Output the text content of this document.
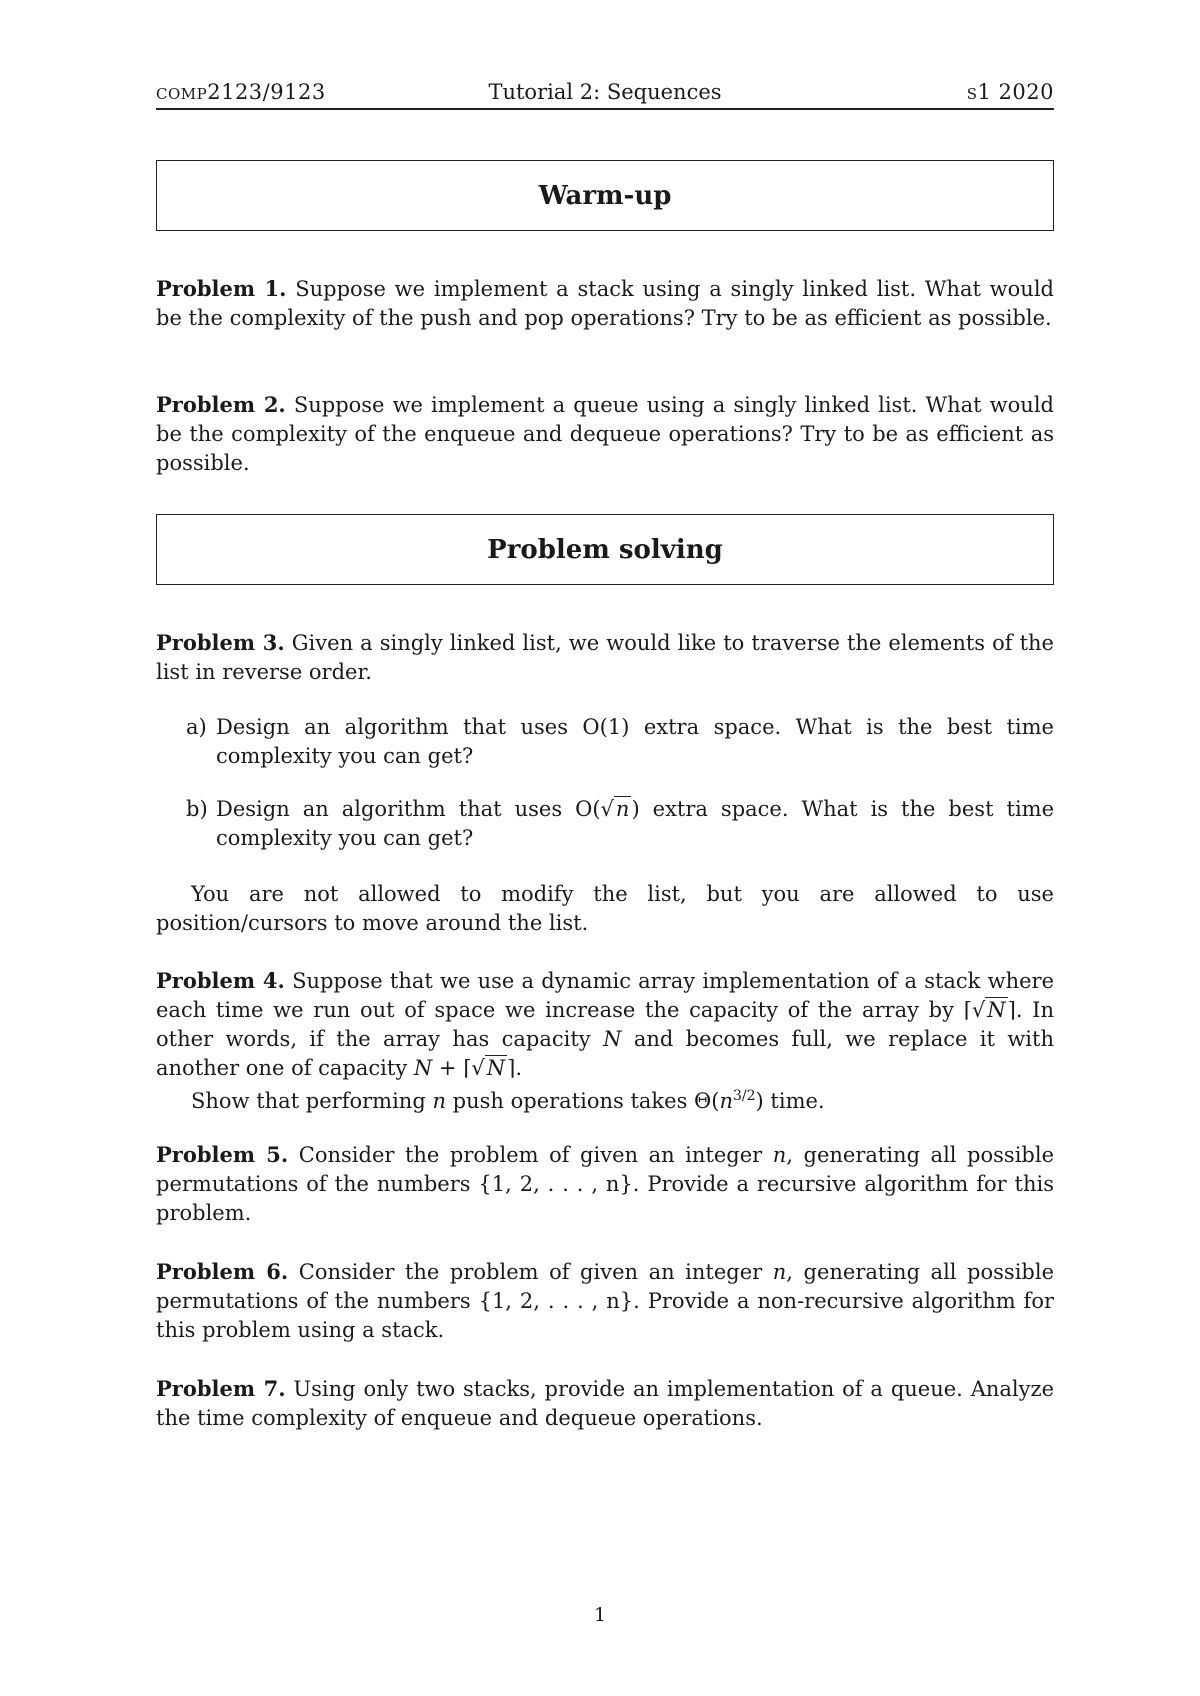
comp2123/9123	Tutorial 2: Sequences	s1 2020
Warm-up
Problem 1. Suppose we implement a stack using a singly linked list. What would be the complexity of the push and pop operations? Try to be as efficient as possible.
Problem 2. Suppose we implement a queue using a singly linked list. What would be the complexity of the enqueue and dequeue operations? Try to be as efficient as possible.
Problem solving
Problem 3. Given a singly linked list, we would like to traverse the elements of the list in reverse order.
a) Design an algorithm that uses O(1) extra space. What is the best time complexity you can get?
b) Design an algorithm that uses O(√n) extra space. What is the best time complexity you can get?
You are not allowed to modify the list, but you are allowed to use position/cursors to move around the list.
Problem 4. Suppose that we use a dynamic array implementation of a stack where each time we run out of space we increase the capacity of the array by ⌈√N⌉. In other words, if the array has capacity N and becomes full, we replace it with another one of capacity N + ⌈√N⌉.
Show that performing n push operations takes $\Theta(n^{3/2})$ time.
Problem 5. Consider the problem of given an integer n, generating all possible permutations of the numbers {1, 2, . . . , n}. Provide a recursive algorithm for this problem.
Problem 6. Consider the problem of given an integer n, generating all possible permutations of the numbers {1, 2, . . . , n}. Provide a non-recursive algorithm for this problem using a stack.
Problem 7. Using only two stacks, provide an implementation of a queue. Analyze the time complexity of enqueue and dequeue operations.
1
